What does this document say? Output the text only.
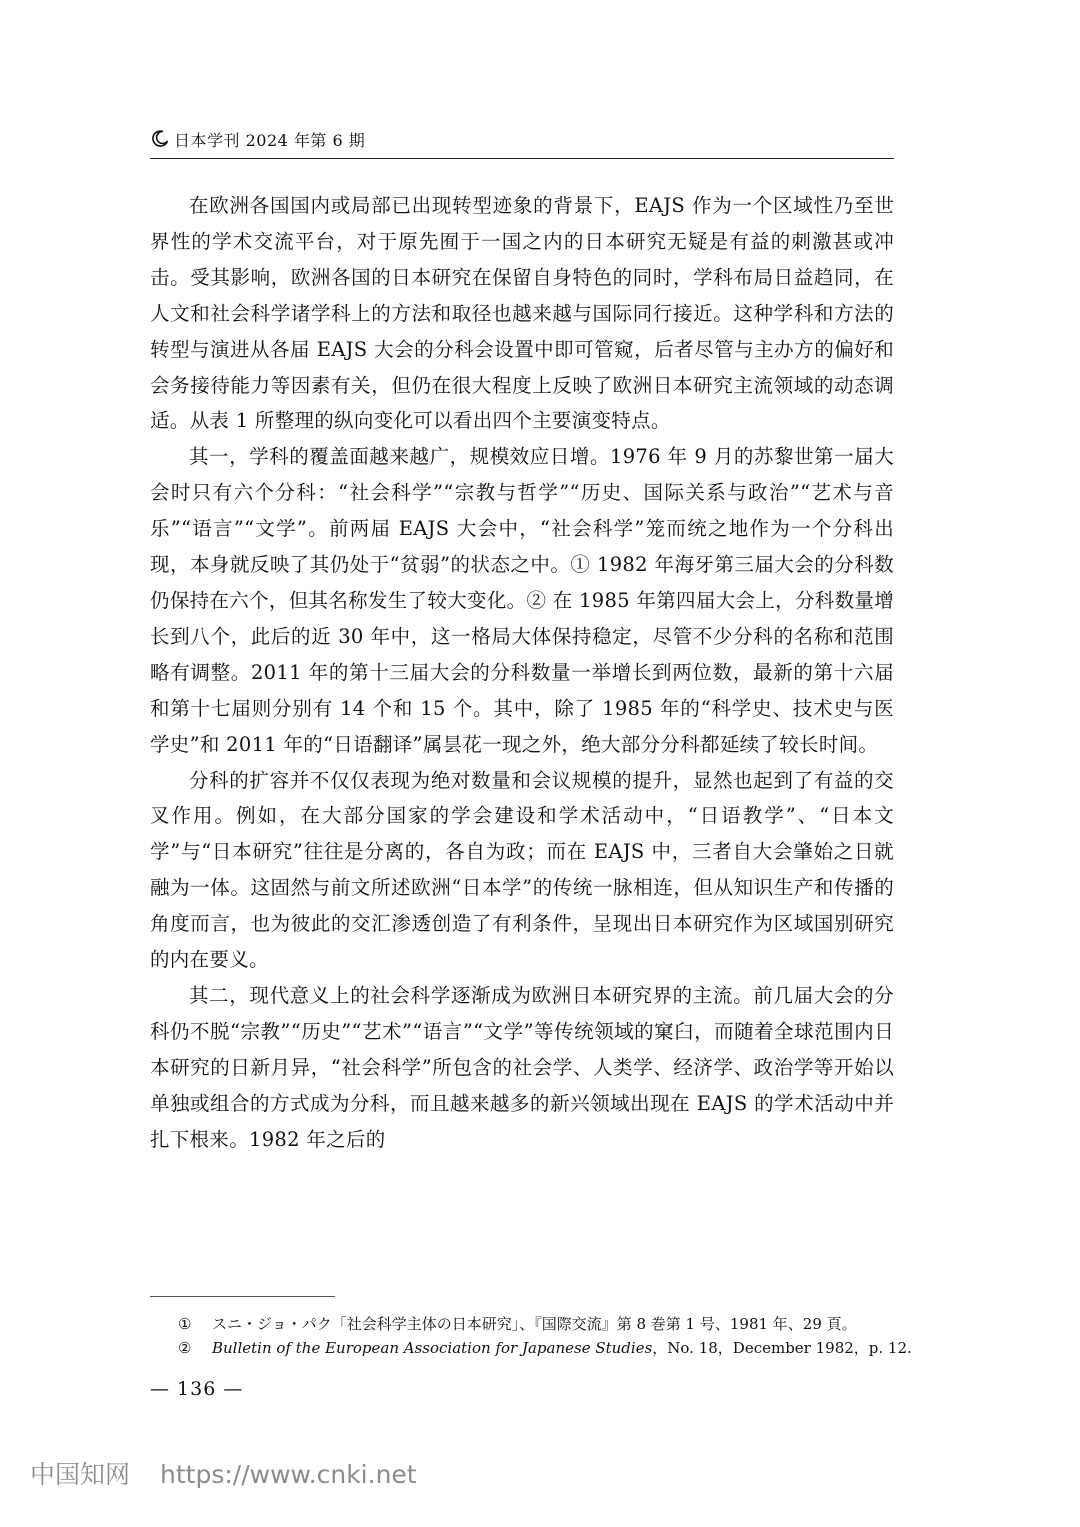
日本学刊 2024 年第 6 期

在欧洲各国国内或局部已出现转型迹象的背景下，EAJS 作为一个区域性乃至世界性的学术交流平台，对于原先囿于一国之内的日本研究无疑是有益的刺激甚或冲击。受其影响，欧洲各国的日本研究在保留自身特色的同时，学科布局日益趋同，在人文和社会科学诸学科上的方法和取径也越来越与国际同行接近。这种学科和方法的转型与演进从各届 EAJS 大会的分科会设置中即可管窥，后者尽管与主办方的偏好和会务接待能力等因素有关，但仍在很大程度上反映了欧洲日本研究主流领域的动态调适。从表 1 所整理的纵向变化可以看出四个主要演变特点。

其一，学科的覆盖面越来越广，规模效应日增。1976 年 9 月的苏黎世第一届大会时只有六个分科：“社会科学”“宗教与哲学”“历史、国际关系与政治”“艺术与音乐”“语言”“文学”。前两届 EAJS 大会中，“社会科学”笼而统之地作为一个分科出现，本身就反映了其仍处于“贫弱”的状态之中。① 1982 年海牙第三届大会的分科数仍保持在六个，但其名称发生了较大变化。② 在 1985 年第四届大会上，分科数量增长到八个，此后的近 30 年中，这一格局大体保持稳定，尽管不少分科的名称和范围略有调整。2011 年的第十三届大会的分科数量一举增长到两位数，最新的第十六届和第十七届则分别有 14 个和 15 个。其中，除了 1985 年的“科学史、技术史与医学史”和 2011 年的“日语翻译”属昙花一现之外，绝大部分分科都延续了较长时间。

分科的扩容并不仅仅表现为绝对数量和会议规模的提升，显然也起到了有益的交叉作用。例如，在大部分国家的学会建设和学术活动中，“日语教学”、“日本文学”与“日本研究”往往是分离的，各自为政；而在 EAJS 中，三者自大会肇始之日就融为一体。这固然与前文所述欧洲“日本学”的传统一脉相连，但从知识生产和传播的角度而言，也为彼此的交汇渗透创造了有利条件，呈现出日本研究作为区域国别研究的内在要义。

其二，现代意义上的社会科学逐渐成为欧洲日本研究界的主流。前几届大会的分科仍不脱“宗教”“历史”“艺术”“语言”“文学”等传统领域的窠臼，而随着全球范围内日本研究的日新月异，“社会科学”所包含的社会学、人类学、经济学、政治学等开始以单独或组合的方式成为分科，而且越来越多的新兴领域出现在 EAJS 的学术活动中并扎下根来。1982 年之后的

①	スニ・ジョ・パク「社会科学主体の日本研究」、『国際交流』第 8 巻第 1 号、1981 年、29 頁。
②	Bulletin of the European Association for Japanese Studies ，No. 18，December 1982，p. 12.
— 136 —
中国知网 https://www.cnki.net
